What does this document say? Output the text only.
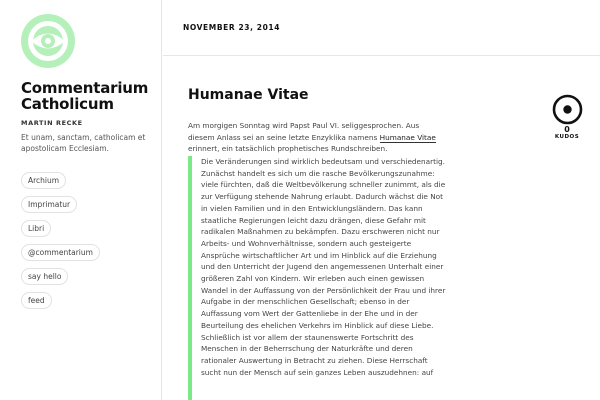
Commentarium Catholicum
MARTIN RECKE
Et unam, sanctam, catholicam et apostolicam Ecclesiam.
Archium
Imprimatur
Libri
@commentarium
say hello
feed
NOVEMBER 23, 2014
Humanae Vitae

Am morgigen Sonntag wird Papst Paul VI. seliggesprochen. Aus diesem Anlass sei an seine letzte Enzyklika namens Humanae Vitae erinnert, ein tatsächlich prophetisches Rundschreiben.

Die Veränderungen sind wirklich bedeutsam und verschiedenartig. Zunächst handelt es sich um die rasche Bevölkerungszunahme: viele fürchten, daß die Weltbevölkerung schneller zunimmt, als die zur Verfügung stehende Nahrung erlaubt. Dadurch wächst die Not in vielen Familien und in den Entwicklungsländern. Das kann staatliche Regierungen leicht dazu drängen, diese Gefahr mit radikalen Maßnahmen zu bekämpfen. Dazu erschweren nicht nur Arbeits- und Wohnverhältnisse, sondern auch gesteigerte Ansprüche wirtschaftlicher Art und im Hinblick auf die Erziehung und den Unterricht der Jugend den angemessenen Unterhalt einer größeren Zahl von Kindern. Wir erleben auch einen gewissen Wandel in der Auffassung von der Persönlichkeit der Frau und ihrer Aufgabe in der menschlichen Gesellschaft; ebenso in der Auffassung vom Wert der Gattenliebe in der Ehe und in der Beurteilung des ehelichen Verkehrs im Hinblick auf diese Liebe. Schließlich ist vor allem der staunenswerte Fortschritt des Menschen in der Beherrschung der Naturkräfte und deren rationaler Auswertung in Betracht zu ziehen. Diese Herrschaft sucht nun der Mensch auf sein ganzes Leben auszudehnen: auf
0
KUDOS
